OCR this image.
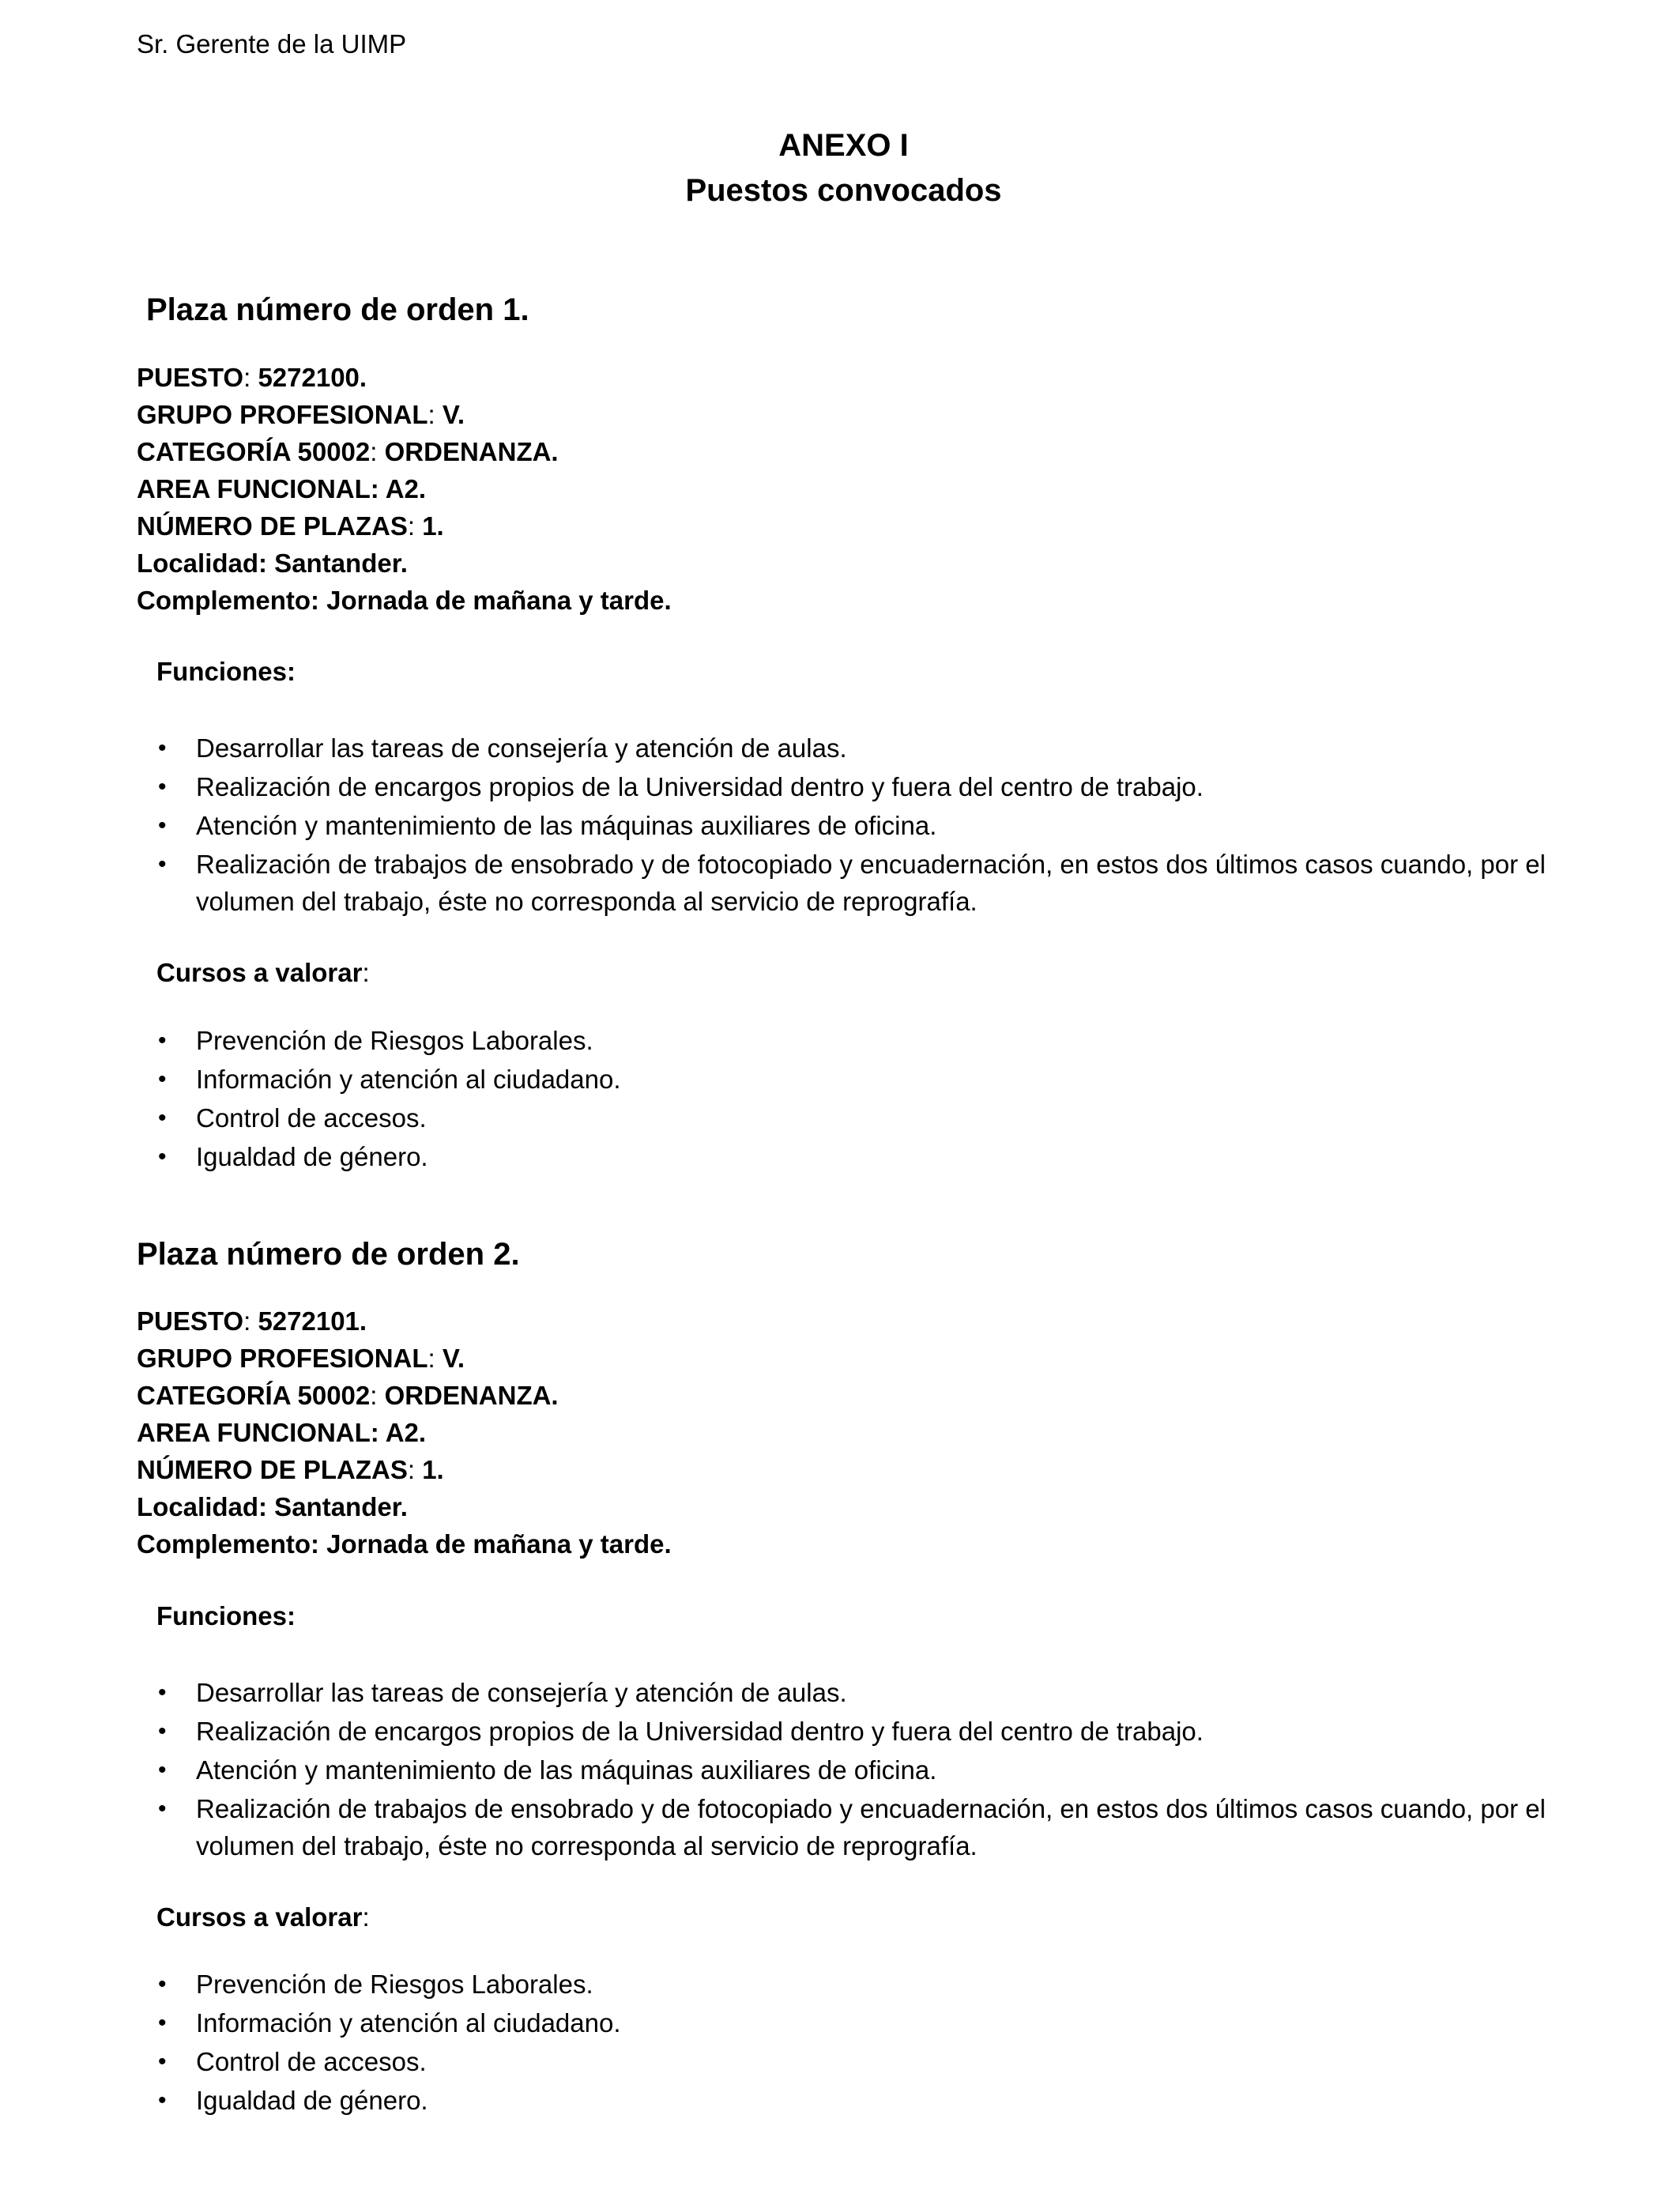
Sr. Gerente de la UIMP
ANEXO I
Puestos convocados
Plaza número de orden 1.
PUESTO: 5272100.
GRUPO PROFESIONAL: V.
CATEGORÍA 50002: ORDENANZA.
AREA FUNCIONAL: A2.
NÚMERO DE PLAZAS: 1.
Localidad: Santander.
Complemento: Jornada de mañana y tarde.
Funciones:
• Desarrollar las tareas de consejería y atención de aulas.
• Realización de encargos propios de la Universidad dentro y fuera del centro de trabajo.
• Atención y mantenimiento de las máquinas auxiliares de oficina.
• Realización de trabajos de ensobrado y de fotocopiado y encuadernación, en estos dos últimos casos cuando, por el volumen del trabajo, éste no corresponda al servicio de reprografía.
Cursos a valorar:
• Prevención de Riesgos Laborales.
• Información y atención al ciudadano.
• Control de accesos.
• Igualdad de género.
Plaza número de orden 2.
PUESTO: 5272101.
GRUPO PROFESIONAL: V.
CATEGORÍA 50002: ORDENANZA.
AREA FUNCIONAL: A2.
NÚMERO DE PLAZAS: 1.
Localidad: Santander.
Complemento: Jornada de mañana y tarde.
Funciones:
• Desarrollar las tareas de consejería y atención de aulas.
• Realización de encargos propios de la Universidad dentro y fuera del centro de trabajo.
• Atención y mantenimiento de las máquinas auxiliares de oficina.
• Realización de trabajos de ensobrado y de fotocopiado y encuadernación, en estos dos últimos casos cuando, por el volumen del trabajo, éste no corresponda al servicio de reprografía.
Cursos a valorar:
• Prevención de Riesgos Laborales.
• Información y atención al ciudadano.
• Control de accesos.
• Igualdad de género.
